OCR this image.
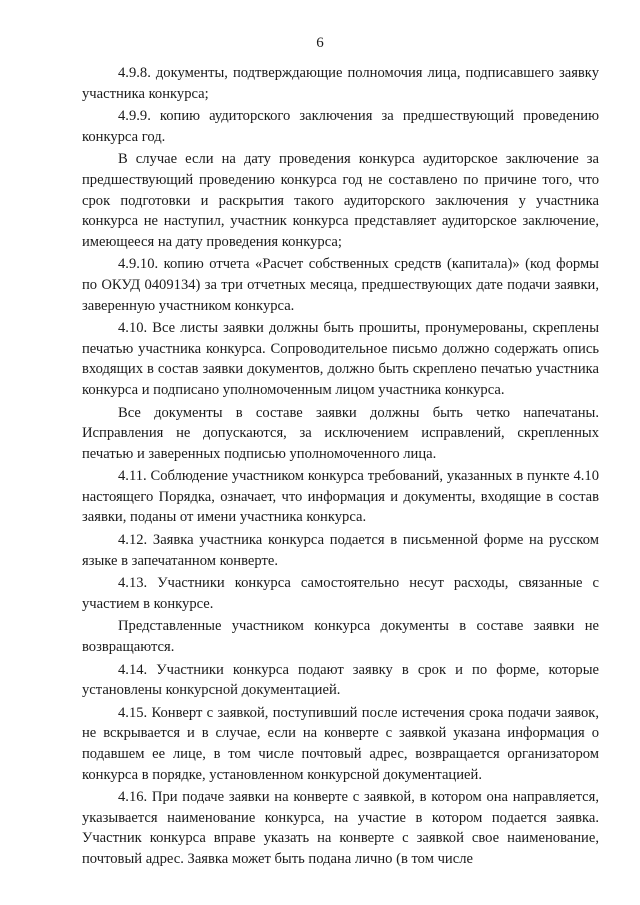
6

4.9.8. документы, подтверждающие полномочия лица, подписавшего заявку участника конкурса;

4.9.9. копию аудиторского заключения за предшествующий проведению конкурса год.

В случае если на дату проведения конкурса аудиторское заключение за предшествующий проведению конкурса год не составлено по причине того, что срок подготовки и раскрытия такого аудиторского заключения у участника конкурса не наступил, участник конкурса представляет аудиторское заключение, имеющееся на дату проведения конкурса;

4.9.10. копию отчета «Расчет собственных средств (капитала)» (код формы по ОКУД 0409134) за три отчетных месяца, предшествующих дате подачи заявки, заверенную участником конкурса.

4.10. Все листы заявки должны быть прошиты, пронумерованы, скреплены печатью участника конкурса. Сопроводительное письмо должно содержать опись входящих в состав заявки документов, должно быть скреплено печатью участника конкурса и подписано уполномоченным лицом участника конкурса.

Все документы в составе заявки должны быть четко напечатаны. Исправления не допускаются, за исключением исправлений, скрепленных печатью и заверенных подписью уполномоченного лица.

4.11. Соблюдение участником конкурса требований, указанных в пункте 4.10 настоящего Порядка, означает, что информация и документы, входящие в состав заявки, поданы от имени участника конкурса.

4.12. Заявка участника конкурса подается в письменной форме на русском языке в запечатанном конверте.

4.13. Участники конкурса самостоятельно несут расходы, связанные с участием в конкурсе.

Представленные участником конкурса документы в составе заявки не возвращаются.

4.14. Участники конкурса подают заявку в срок и по форме, которые установлены конкурсной документацией.

4.15. Конверт с заявкой, поступивший после истечения срока подачи заявок, не вскрывается и в случае, если на конверте с заявкой указана информация о подавшем ее лице, в том числе почтовый адрес, возвращается организатором конкурса в порядке, установленном конкурсной документацией.

4.16. При подаче заявки на конверте с заявкой, в котором она направляется, указывается наименование конкурса, на участие в котором подается заявка. Участник конкурса вправе указать на конверте с заявкой свое наименование, почтовый адрес. Заявка может быть подана лично (в том числе
